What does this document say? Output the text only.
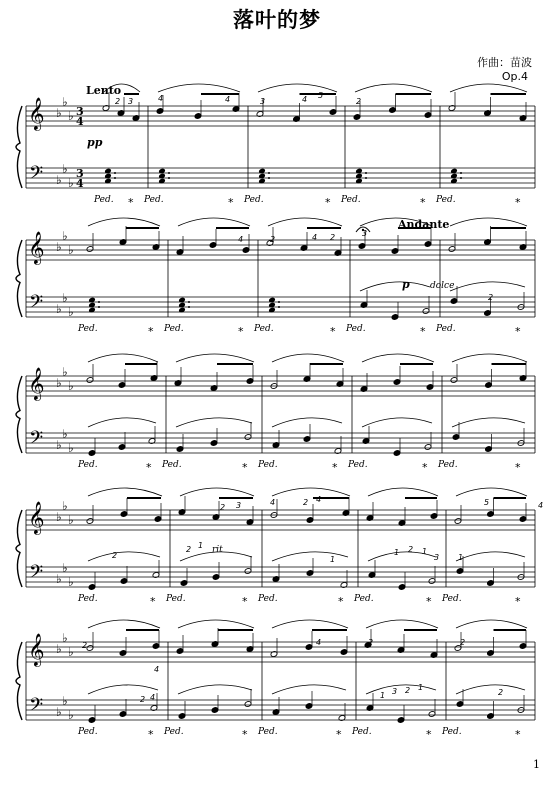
落叶的梦
作曲：苗波
Op.4
1
𝄞
𝄢
♭
♭
♭
♭
♭
♭
3
3
4
4
Ped. * Ped.	* Ped.	* Ped.	* Ped.	*
𝄞
𝄢
♭
♭
♭
♭
♭
♭
Ped.	* Ped.	* Ped.	* Ped.	* Ped.	*
𝄞
𝄢
♭
♭
♭
♭
♭
♭
Ped.	* Ped.	* Ped.	* Ped.	* Ped.	*
𝄞
𝄢
♭
♭
♭
♭
♭
♭
Ped.	* Ped.	* Ped.	* Ped.	* Ped.	*
𝄞
𝄢
♭
♭
♭
♭
♭
♭
Ped.	* Ped.	* Ped.	* Ped.	* Ped.	*
Lento
pp
Andante
p dolce
rit
2 3	4	4	3	4 5
2
4	2	4 2	3
2
3
2
4	2 4	5	4
2
4
4	2	2
2
2 1
1
1 2 1
3 1
2 4	1 3 2 1
2
